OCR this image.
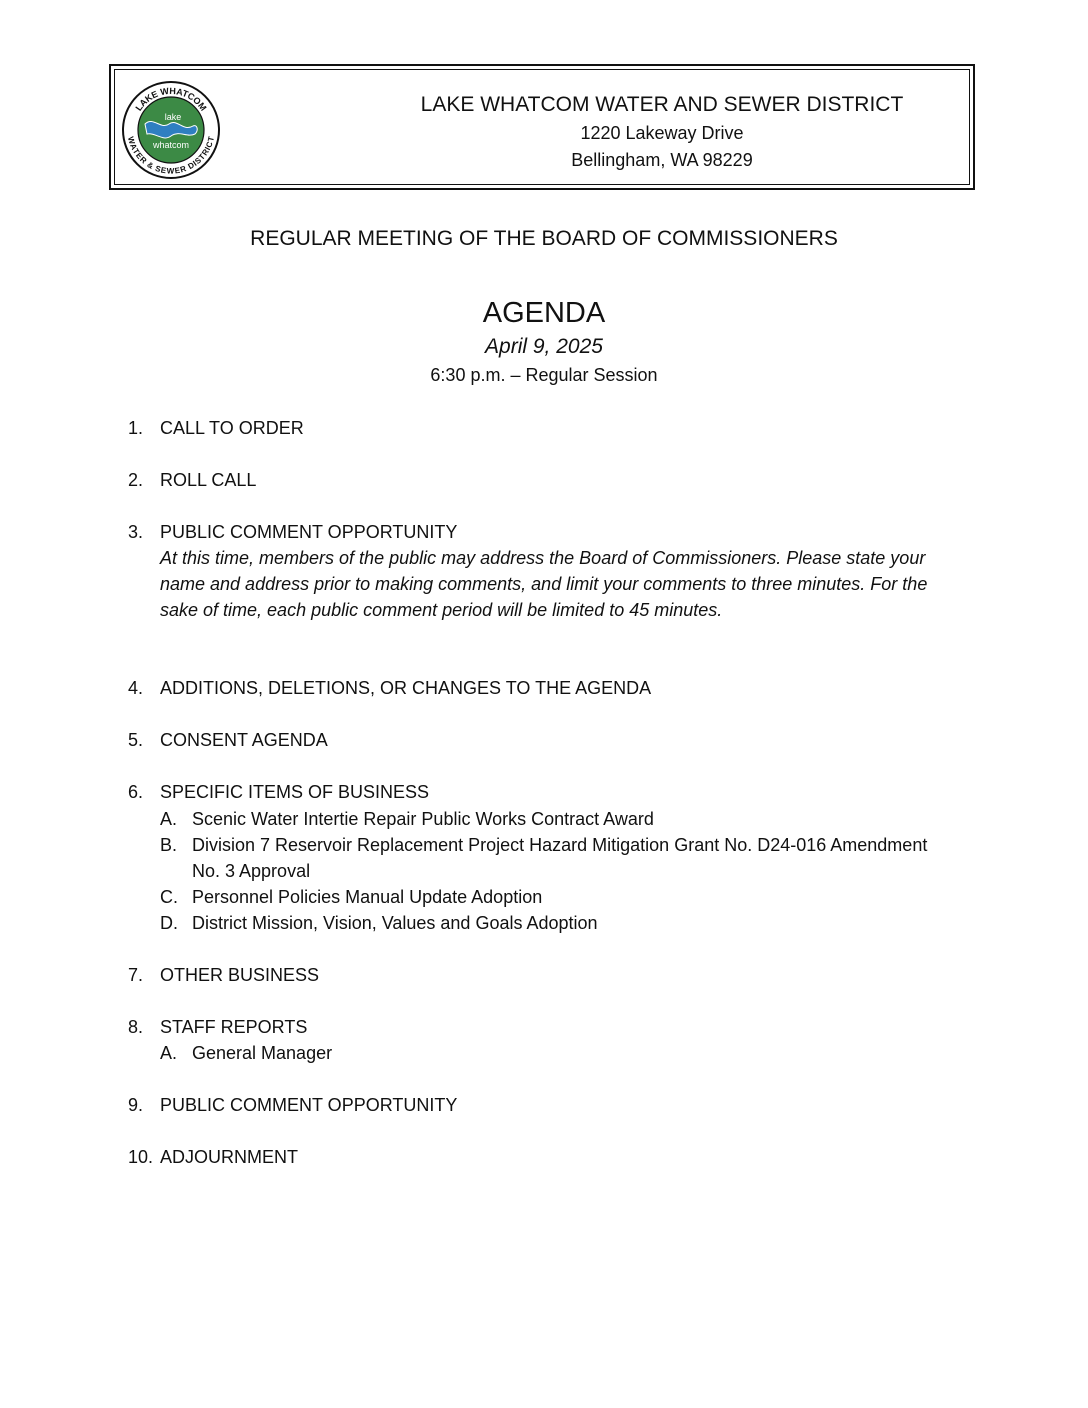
LAKE WHATCOM
WATER & SEWER DISTRICT
lake
whatcom
LAKE WHATCOM WATER AND SEWER DISTRICT
1220 Lakeway Drive
Bellingham, WA 98229
REGULAR MEETING OF THE BOARD OF COMMISSIONERS
AGENDA
April 9, 2025
6:30 p.m. – Regular Session
1. CALL TO ORDER
2. ROLL CALL
3. PUBLIC COMMENT OPPORTUNITY
At this time, members of the public may address the Board of Commissioners. Please state your name and address prior to making comments, and limit your comments to three minutes. For the sake of time, each public comment period will be limited to 45 minutes.
4. ADDITIONS, DELETIONS, OR CHANGES TO THE AGENDA
5. CONSENT AGENDA
6. SPECIFIC ITEMS OF BUSINESS
A. Scenic Water Intertie Repair Public Works Contract Award
B. Division 7 Reservoir Replacement Project Hazard Mitigation Grant No. D24-016 Amendment No. 3 Approval
C. Personnel Policies Manual Update Adoption
D. District Mission, Vision, Values and Goals Adoption
7. OTHER BUSINESS
8. STAFF REPORTS
A. General Manager
9. PUBLIC COMMENT OPPORTUNITY
10. ADJOURNMENT
